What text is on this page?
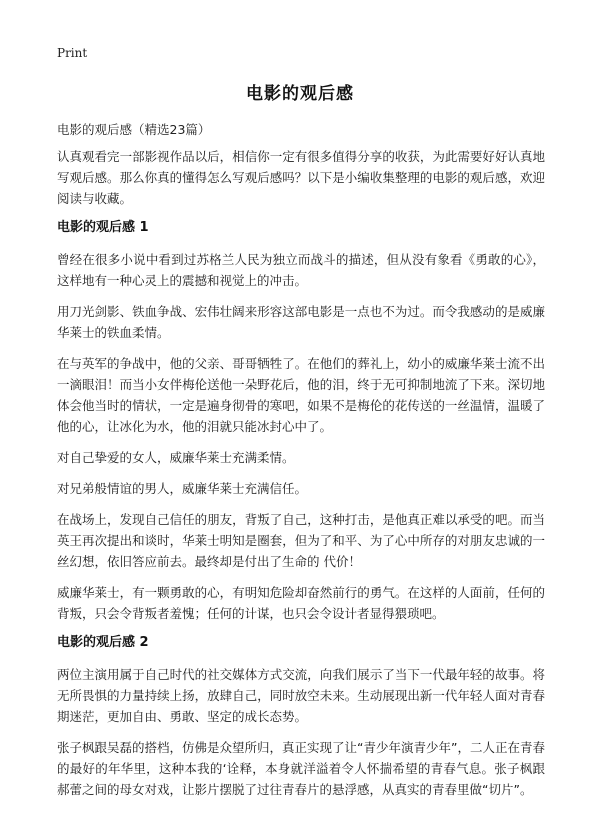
Print
电影的观后感
电影的观后感（精选23篇）

认真观看完一部影视作品以后，相信你一定有很多值得分享的收获，为此需要好好认真地写观后感。那么你真的懂得怎么写观后感吗？以下是小编收集整理的电影的观后感，欢迎阅读与收藏。

电影的观后感 1

曾经在很多小说中看到过苏格兰人民为独立而战斗的描述，但从没有象看《勇敢的心》，这样地有一种心灵上的震撼和视觉上的冲击。

用刀光剑影、铁血争战、宏伟壮阔来形容这部电影是一点也不为过。而令我感动的是威廉华莱士的铁血柔情。

在与英军的争战中，他的父亲、哥哥牺牲了。在他们的葬礼上，幼小的威廉华莱士流不出一滴眼泪！而当小女伴梅伦送他一朵野花后，他的泪，终于无可抑制地流了下来。深切地体会他当时的情状，一定是遍身彻骨的寒吧，如果不是梅伦的花传送的一丝温情，温暖了他的心，让冰化为水，他的泪就只能冰封心中了。

对自己挚爱的女人，威廉华莱士充满柔情。

对兄弟般情谊的男人，威廉华莱士充满信任。

在战场上，发现自己信任的朋友，背叛了自己，这种打击，是他真正难以承受的吧。而当英王再次提出和谈时，华莱士明知是圈套，但为了和平、为了心中所存的对朋友忠诚的一丝幻想，依旧答应前去。最终却是付出了生命的 代价！

威廉华莱士，有一颗勇敢的心，有明知危险却奋然前行的勇气。在这样的人面前，任何的背叛，只会令背叛者羞愧；任何的计谋，也只会令设计者显得猥琐吧。

电影的观后感 2

两位主演用属于自己时代的社交媒体方式交流，向我们展示了当下一代最年轻的故事。将无所畏惧的力量持续上扬，放肆自己，同时放空未来。生动展现出新一代年轻人面对青春期迷茫，更加自由、勇敢、坚定的成长态势。

张子枫跟吴磊的搭档，仿佛是众望所归，真正实现了让“青少年演青少年”，二人正在青春的最好的年华里，这种本我的‘诠释，本身就洋溢着令人怀揣希望的青春气息。张子枫跟郝蕾之间的母女对戏，让影片摆脱了过往青春片的悬浮感，从真实的青春里做“切片”。
